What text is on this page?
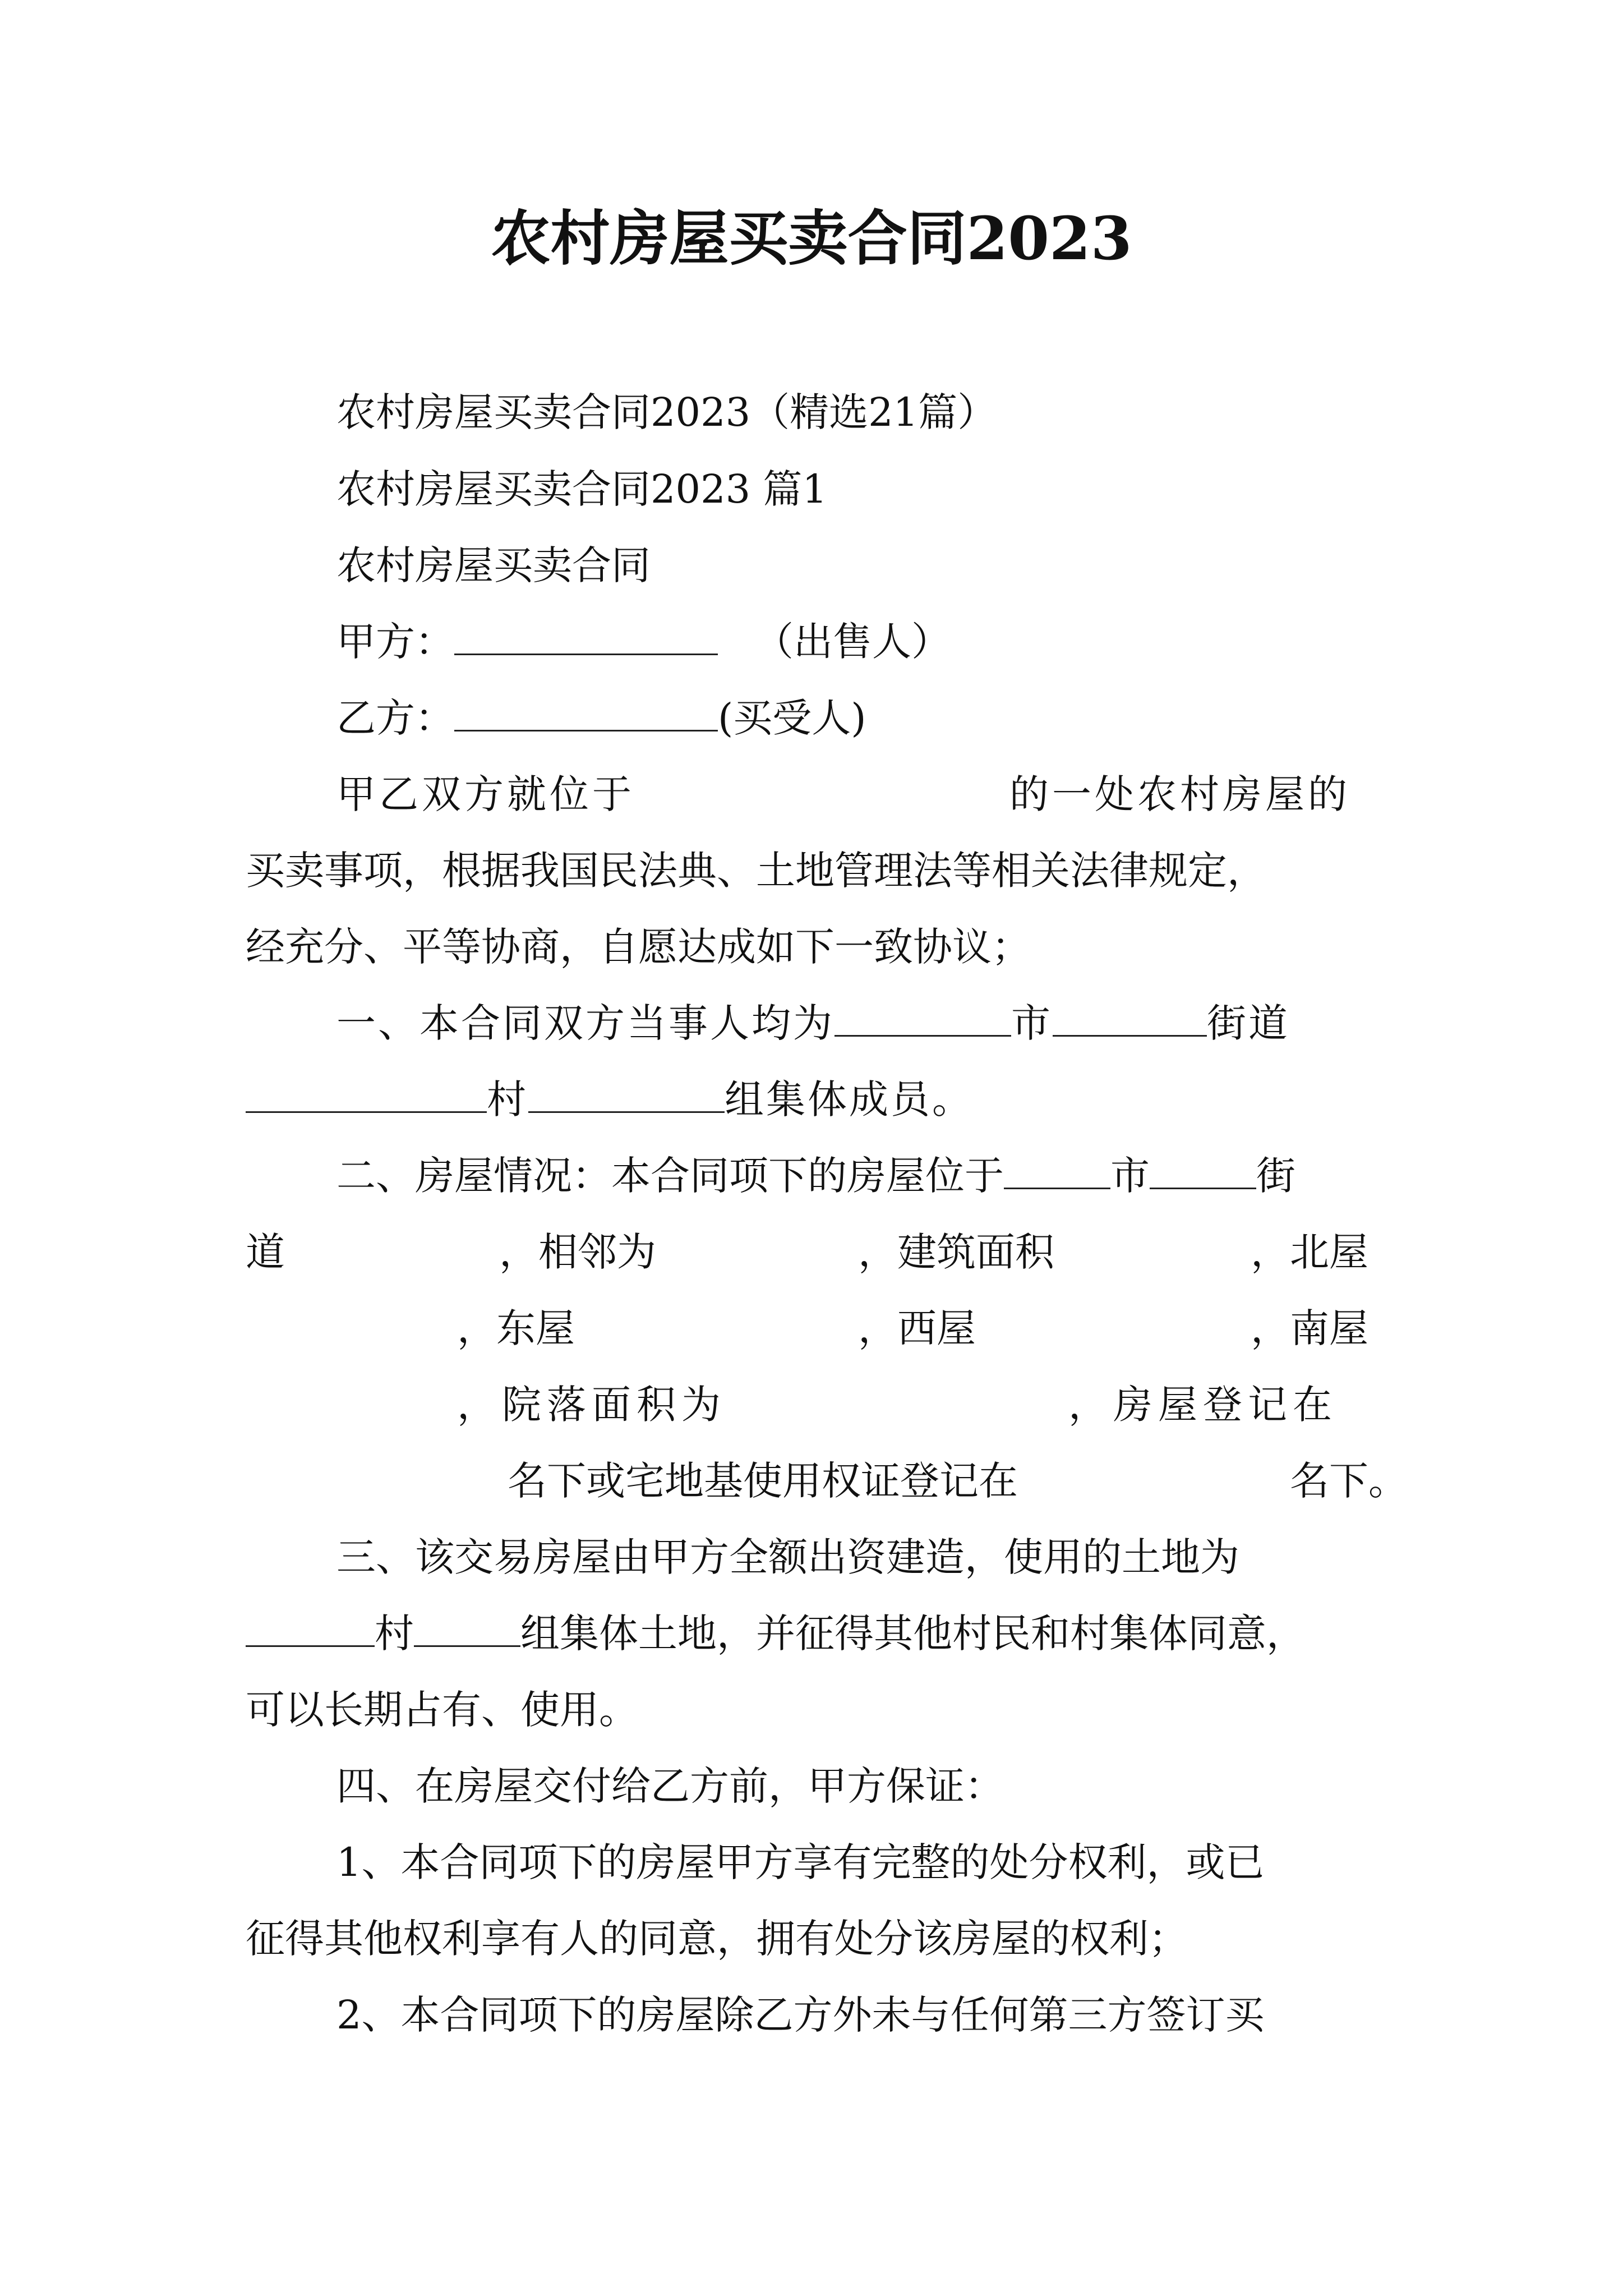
农村房屋买卖合同2023
农村房屋买卖合同2023（精选21篇）
农村房屋买卖合同2023 篇1
农村房屋买卖合同
甲方：	（出售人）
乙方：	(买受人)
甲乙双方就位于	的一处农村房屋的
买卖事项，根据我国民法典、土地管理法等相关法律规定，
经充分、平等协商，自愿达成如下一致协议；
一、本合同双方当事人均为	市	街道
村	组集体成员。
二、房屋情况：本合同项下的房屋位于	市	街
道	，相邻为	，建筑面积	，北屋
，东屋	，西屋	，南屋
，院落面积为	，房屋登记在
名下或宅地基使用权证登记在	名下。
三、该交易房屋由甲方全额出资建造，使用的土地为
村	组集体土地，并征得其他村民和村集体同意，
可以长期占有、使用。
四、在房屋交付给乙方前，甲方保证：
1、本合同项下的房屋甲方享有完整的处分权利，或已
征得其他权利享有人的同意，拥有处分该房屋的权利；
2、本合同项下的房屋除乙方外未与任何第三方签订买
